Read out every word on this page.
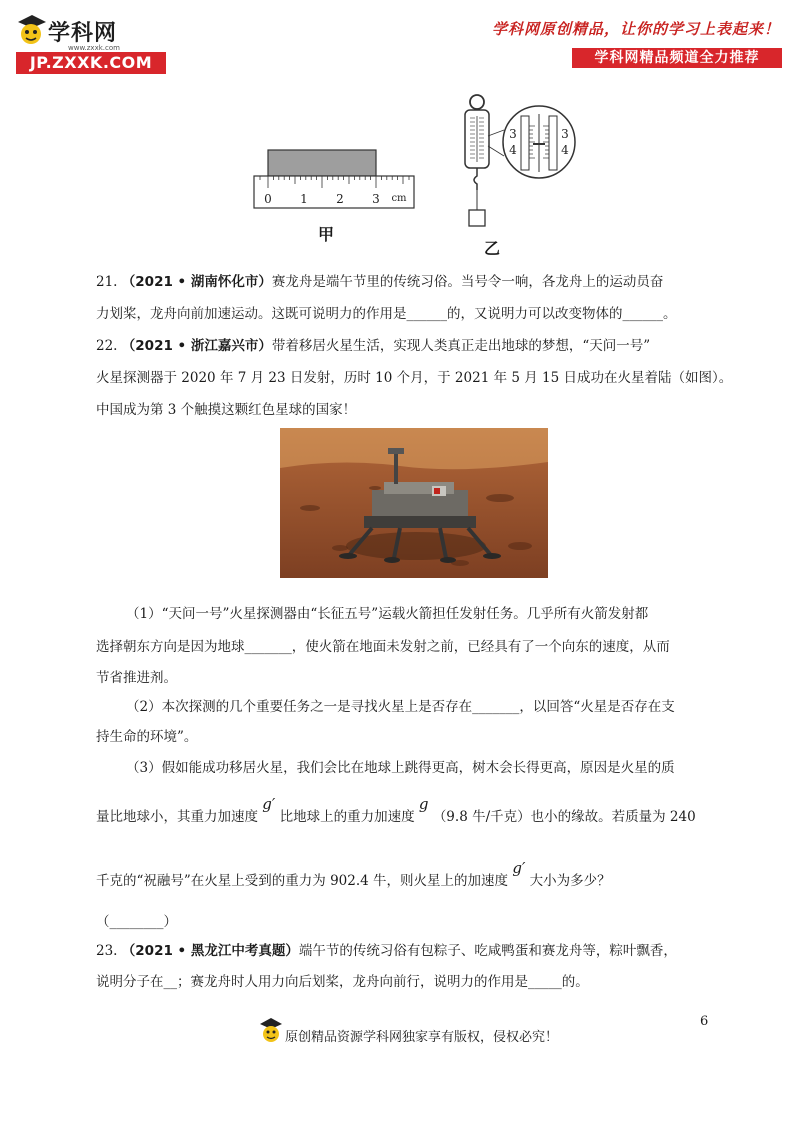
学科网
www.zxxk.com
JP.ZXXK.COM
学科网原创精品，让你的学习上表起来！
学科网精品频道全力推荐
0 1 2 3 cm
甲
3
4
3
4
乙
21. （2021 • 湖南怀化市）赛龙舟是端午节里的传统习俗。当号令一响，各龙舟上的运动员奋
力划桨，龙舟向前加速运动。这既可说明力的作用是______的，又说明力可以改变物体的______。
22. （2021 • 浙江嘉兴市）带着移居火星生活，实现人类真正走出地球的梦想，“天问一号”
火星探测器于 2020 年 7 月 23 日发射，历时 10 个月，于 2021 年 5 月 15 日成功在火星着陆（如图）。
中国成为第 3 个触摸这颗红色星球的国家！
（1）“天问一号”火星探测器由“长征五号”运载火箭担任发射任务。几乎所有火箭发射都
选择朝东方向是因为地球_______，使火箭在地面未发射之前，已经具有了一个向东的速度，从而
节省推进剂。
（2）本次探测的几个重要任务之一是寻找火星上是否存在_______，以回答“火星是否存在支
持生命的环境”。
（3）假如能成功移居火星，我们会比在地球上跳得更高，树木会长得更高，原因是火星的质
量比地球小，其重力加速度 g′ 比地球上的重力加速度 g （9.8 牛/千克）也小的缘故。若质量为 240
千克的“祝融号”在火星上受到的重力为 902.4 牛，则火星上的加速度 g′ 大小为多少？
（________）
23. （2021 • 黑龙江中考真题）端午节的传统习俗有包粽子、吃咸鸭蛋和赛龙舟等，粽叶飘香，
说明分子在__；赛龙舟时人用力向后划桨，龙舟向前行，说明力的作用是_____的。
6
原创精品资源学科网独家享有版权，侵权必究！
